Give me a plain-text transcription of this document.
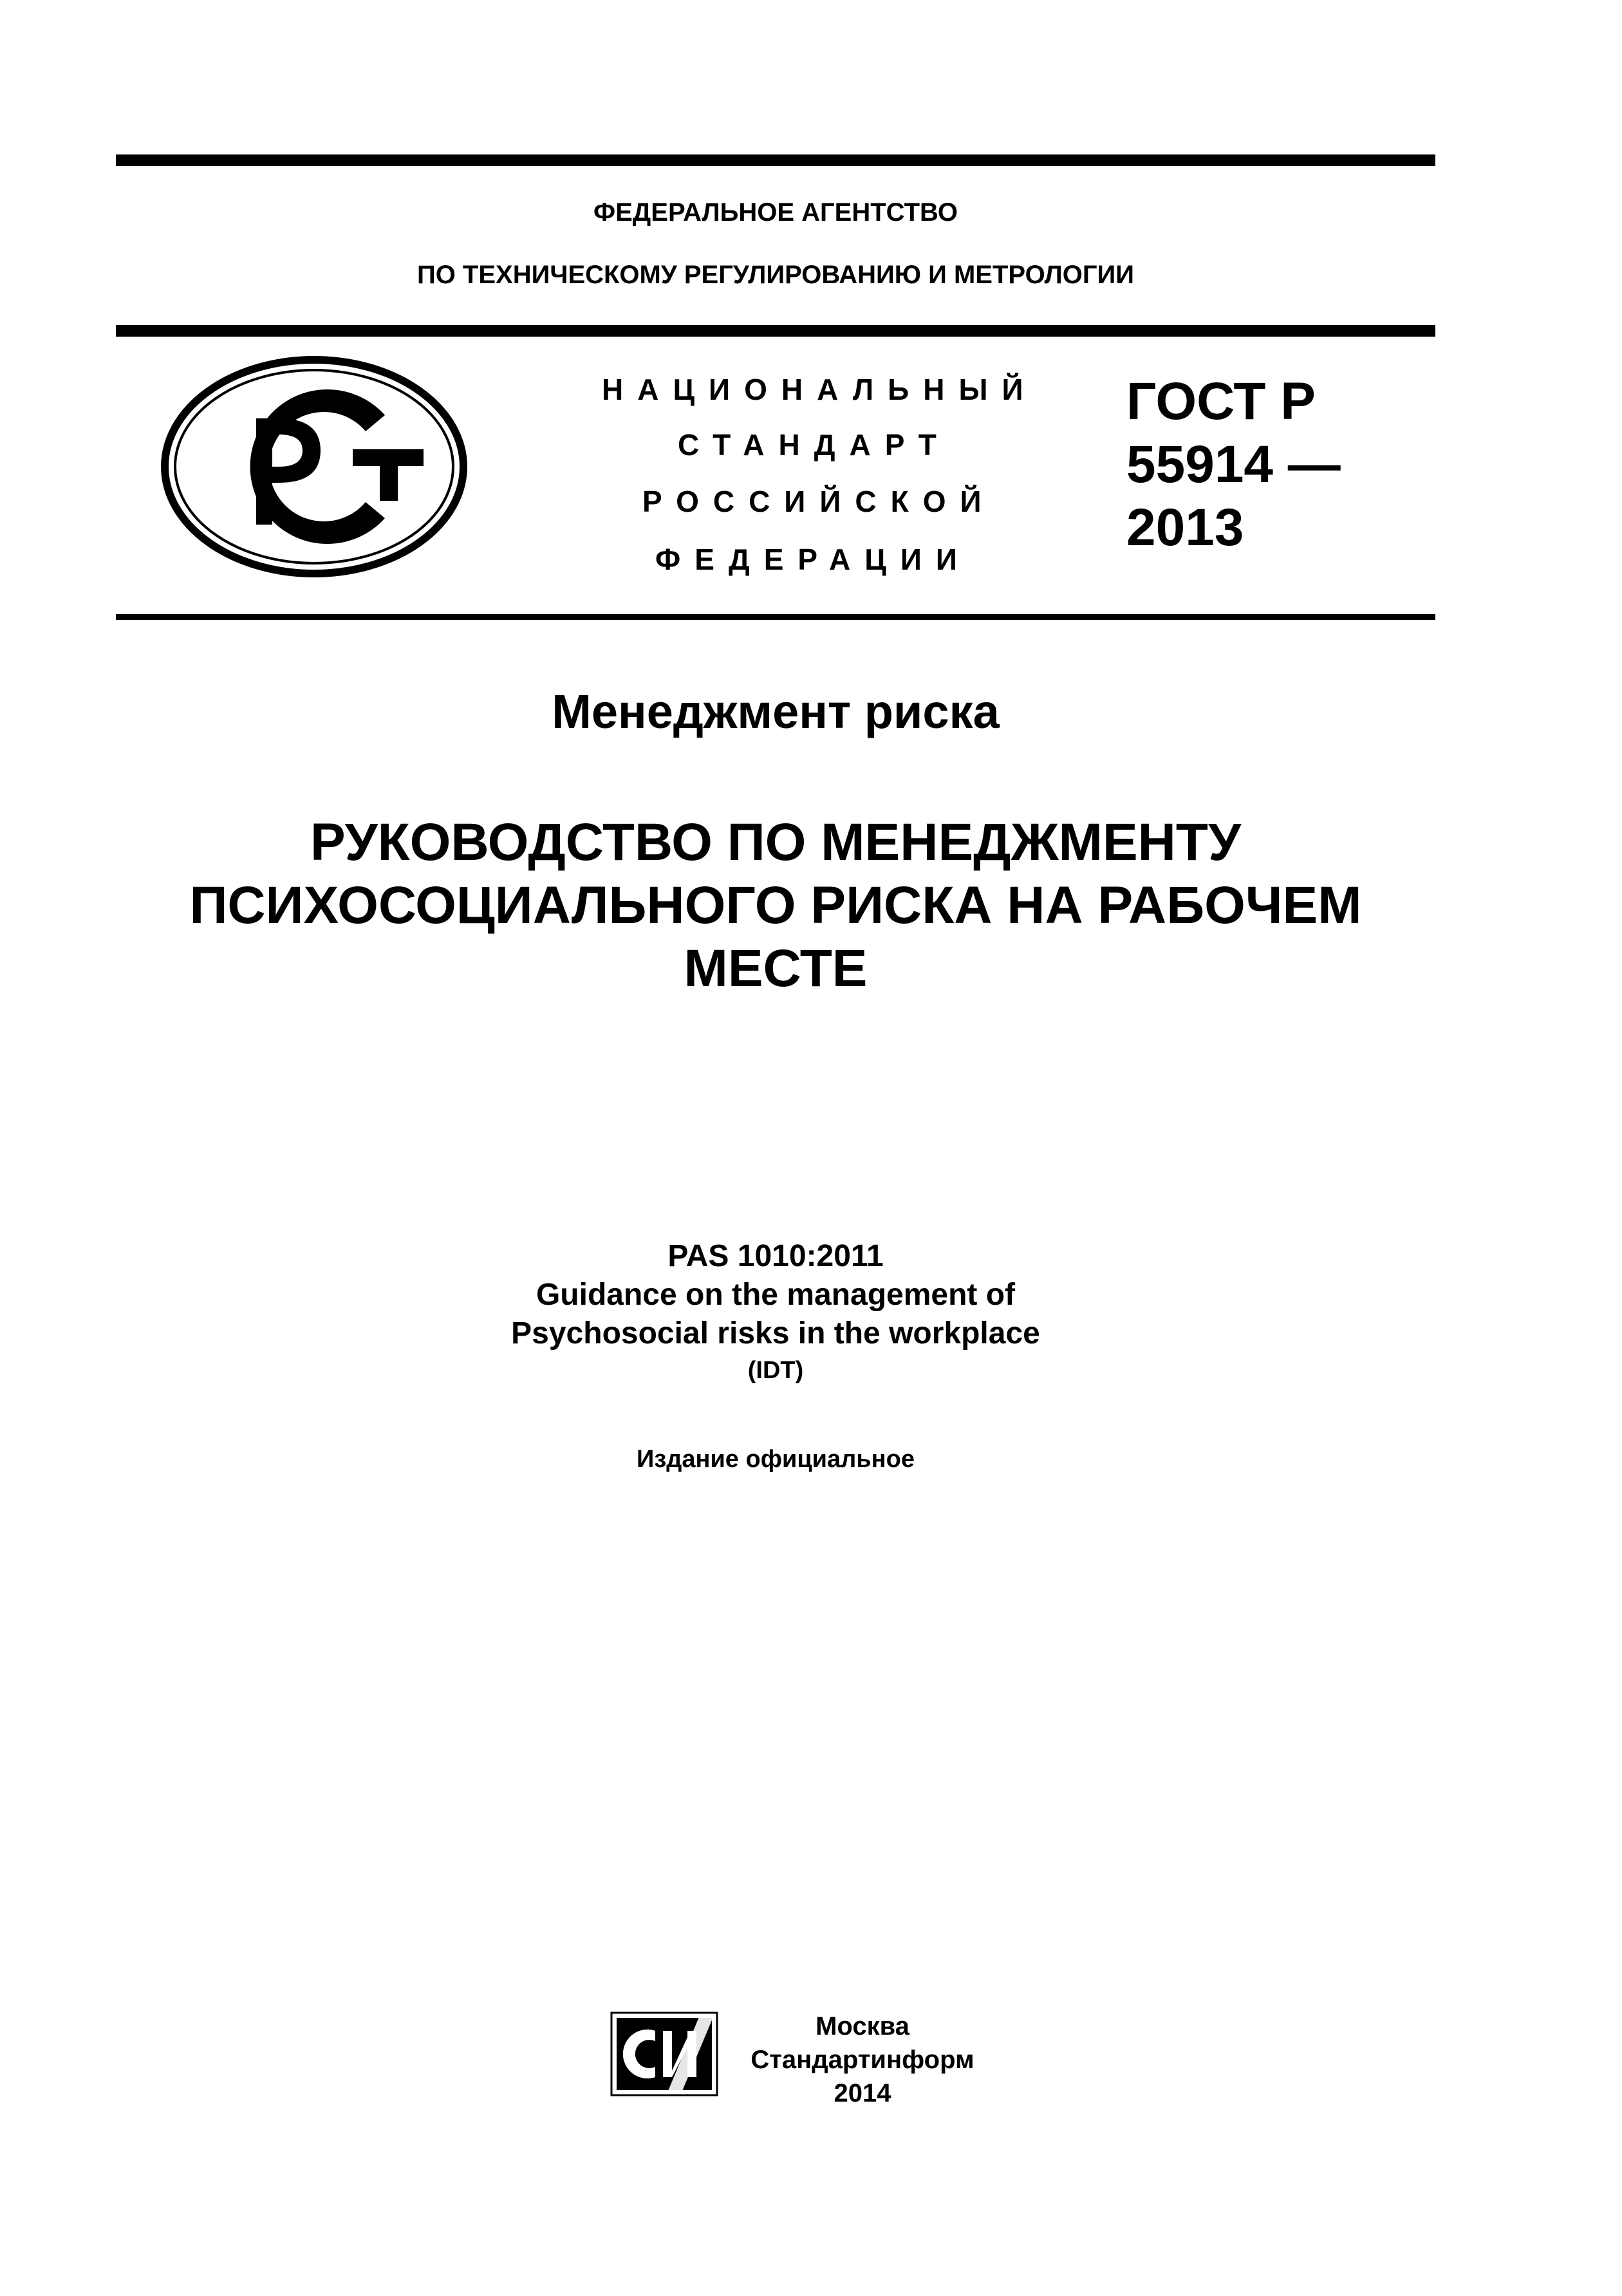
ФЕДЕРАЛЬНОЕ АГЕНТСТВО
ПО ТЕХНИЧЕСКОМУ РЕГУЛИРОВАНИЮ И МЕТРОЛОГИИ
НАЦИОНАЛЬНЫЙ
СТАНДАРТ
РОССИЙСКОЙ
ФЕДЕРАЦИИ
ГОСТ Р
55914 —
2013
Менеджмент риска
РУКОВОДСТВО ПО МЕНЕДЖМЕНТУ
ПСИХОСОЦИАЛЬНОГО РИСКА НА РАБОЧЕМ
МЕСТЕ
PAS 1010:2011
Guidance on the management of
Psychosocial risks in the workplace
(IDT)
Издание официальное
Москва
Стандартинформ
2014
